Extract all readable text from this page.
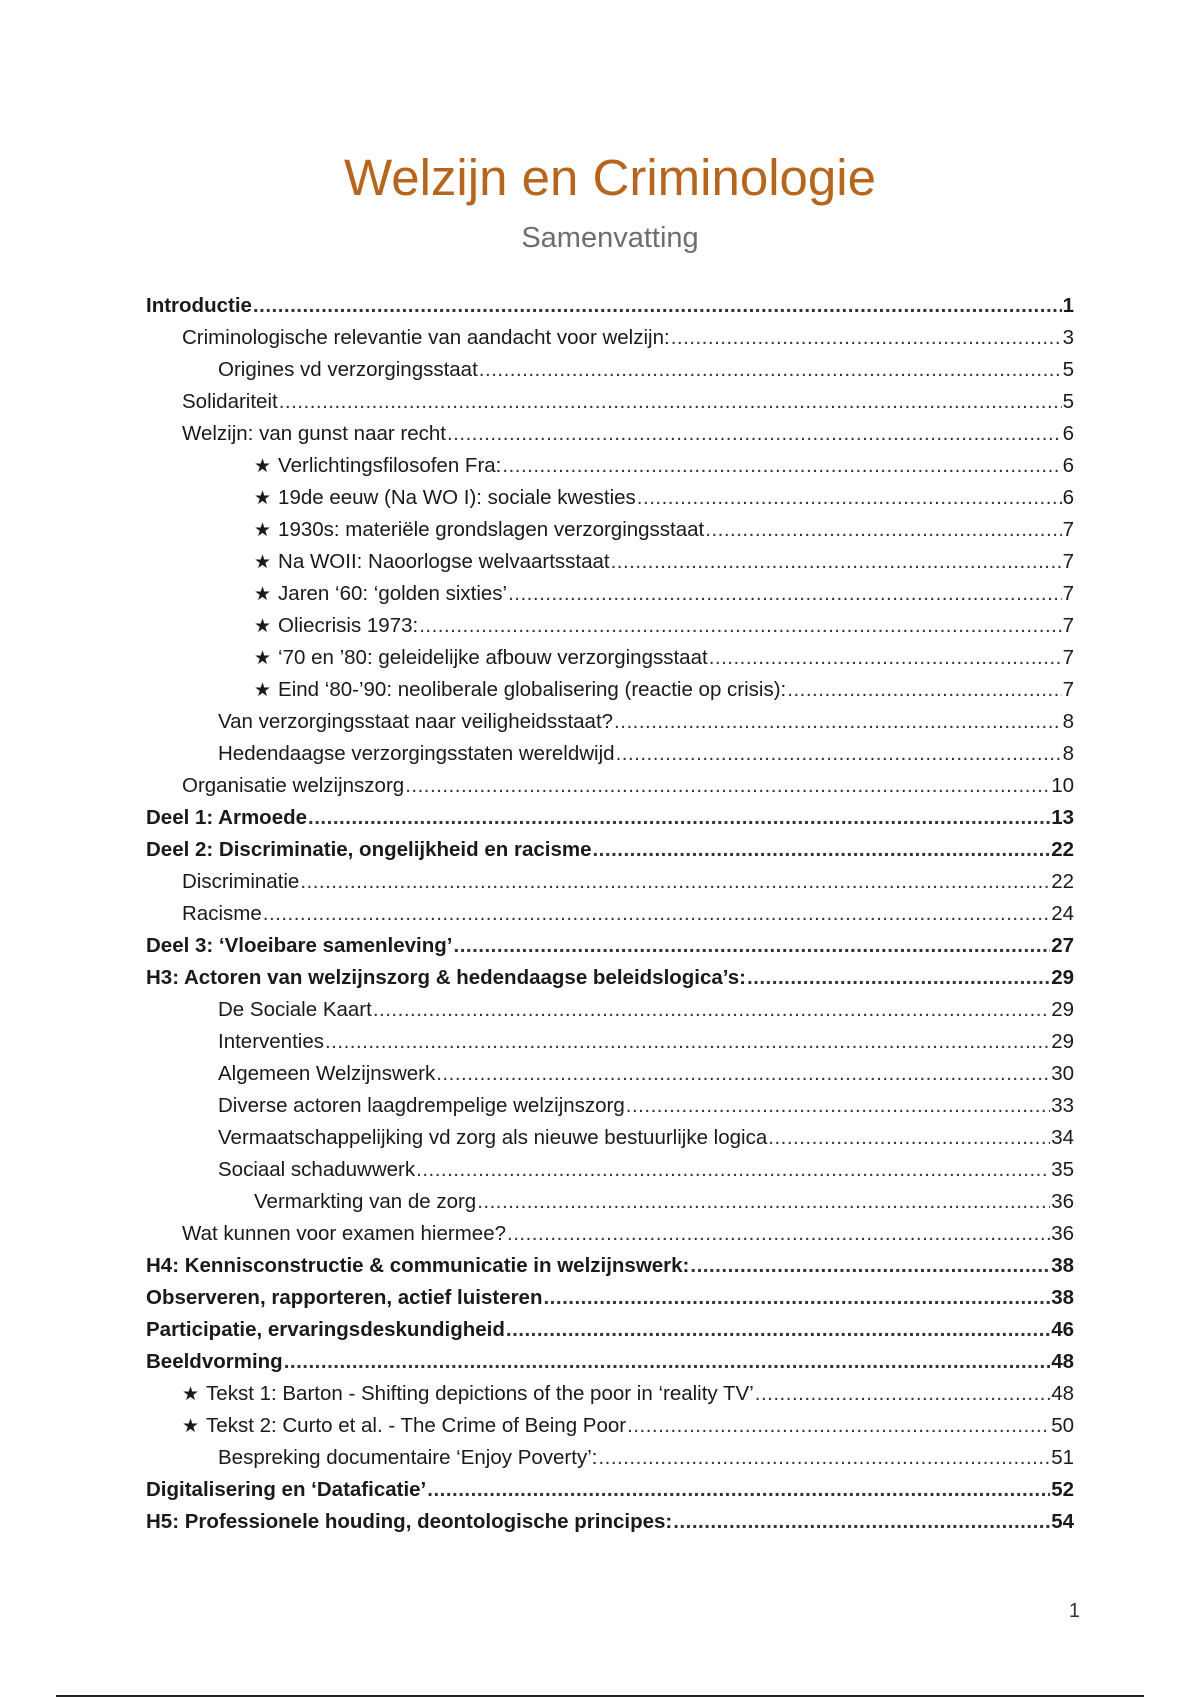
Welzijn en Criminologie
Samenvatting
Introductie .....	1
Criminologische relevantie van aandacht voor welzijn: .....	3
Origines vd verzorgingsstaat .....	5
Solidariteit .....	5
Welzijn: van gunst naar recht .....	6
★ Verlichtingsfilosofen Fra: .....	6
★ 19de eeuw (Na WO I): sociale kwesties .....	6
★ 1930s: materiële grondslagen verzorgingsstaat .....	7
★ Na WOII: Naoorlogse welvaartsstaat .....	7
★ Jaren ‘60: ‘golden sixties’ .....	7
★ Oliecrisis 1973: .....	7
★ ‘70 en ’80: geleidelijke afbouw verzorgingsstaat .....	7
★ Eind ‘80-’90: neoliberale globalisering (reactie op crisis): .....	7
Van verzorgingsstaat naar veiligheidsstaat? .....	8
Hedendaagse verzorgingsstaten wereldwijd .....	8
Organisatie welzijnszorg .....	10
Deel 1: Armoede .....	13
Deel 2: Discriminatie, ongelijkheid en racisme .....	22
Discriminatie .....	22
Racisme .....	24
Deel 3: ‘Vloeibare samenleving’ .....	27
H3: Actoren van welzijnszorg & hedendaagse beleidslogica’s: .....	29
De Sociale Kaart .....	29
Interventies .....	29
Algemeen Welzijnswerk .....	30
Diverse actoren laagdrempelige welzijnszorg .....	33
Vermaatschappelijking vd zorg als nieuwe bestuurlijke logica .....	34
Sociaal schaduwwerk .....	35
Vermarkting van de zorg .....	36
Wat kunnen voor examen hiermee? .....	36
H4: Kennisconstructie & communicatie in welzijnswerk: .....	38
Observeren, rapporteren, actief luisteren .....	38
Participatie, ervaringsdeskundigheid .....	46
Beeldvorming .....	48
★ Tekst 1: Barton - Shifting depictions of the poor in ‘reality TV’ .....	48
★ Tekst 2: Curto et al. - The Crime of Being Poor .....	50
Bespreking documentaire ‘Enjoy Poverty’: .....	51
Digitalisering en ‘Dataficatie’ .....	52
H5: Professionele houding, deontologische principes: .....	54
1
